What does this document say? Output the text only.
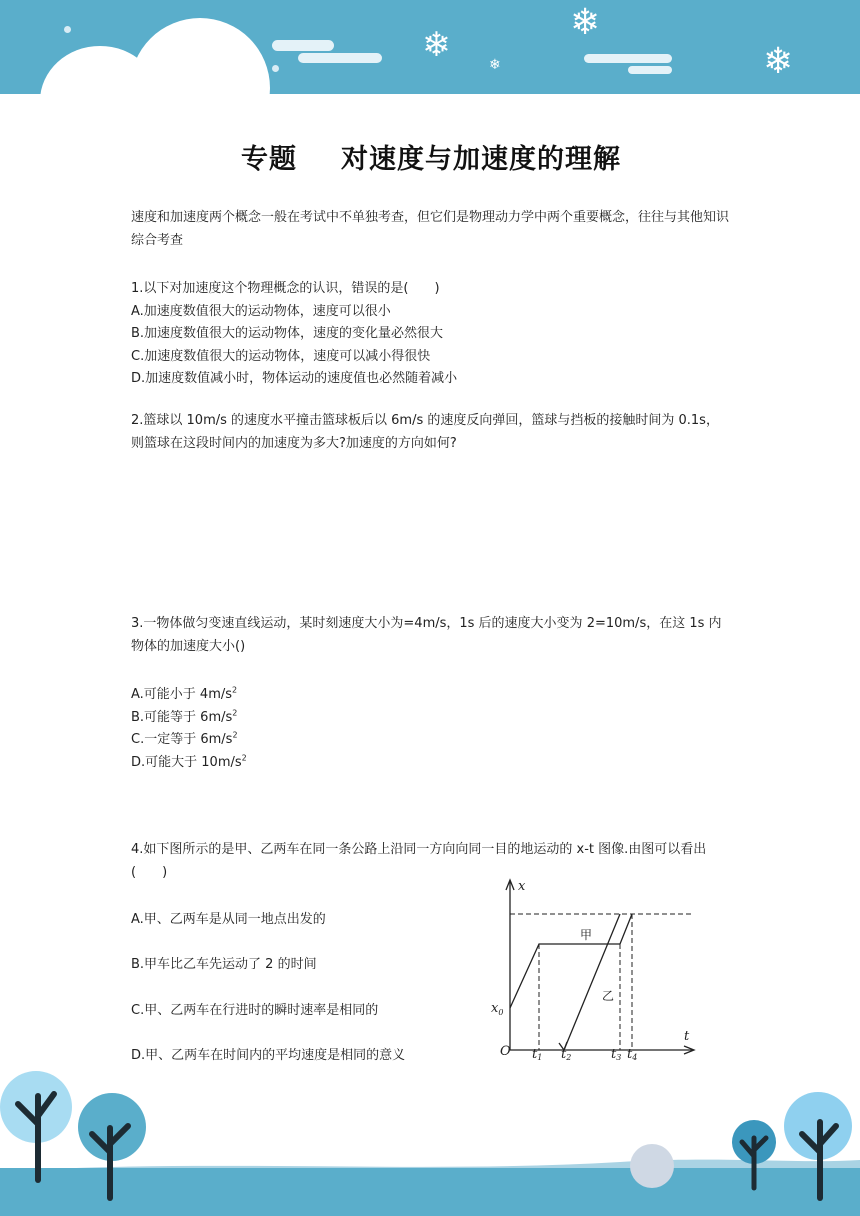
❄
❄	❄	❄
专题 对速度与加速度的理解
速度和加速度两个概念一般在考试中不单独考查，但它们是物理动力学中两个重要概念，往往与其他知识综合考查
1.以下对加速度这个物理概念的认识，错误的是(　　)
A.加速度数值很大的运动物体，速度可以很小
B.加速度数值很大的运动物体，速度的变化量必然很大
C.加速度数值很大的运动物体，速度可以减小得很快
D.加速度数值减小时，物体运动的速度值也必然随着减小
2.篮球以 10m/s 的速度水平撞击篮球板后以 6m/s 的速度反向弹回，篮球与挡板的接触时间为 0.1s，则篮球在这段时间内的加速度为多大?加速度的方向如何?
3.一物体做匀变速直线运动，某时刻速度大小为=4m/s，1s 后的速度大小变为 2=10m/s，在这 1s 内物体的加速度大小()
A.可能小于 $4m/s^2$
B.可能等于 $6m/s^2$
C.一定等于 $6m/s^2$
D.可能大于 $10m/s^2$
4.如下图所示的是甲、乙两车在同一条公路上沿同一方向向同一目的地运动的 x-t 图像.由图可以看出(　　)
A.甲、乙两车是从同一地点出发的
B.甲车比乙车先运动了 2 的时间
C.甲、乙两车在行进时的瞬时速率是相同的
D.甲、乙两车在时间内的平均速度是相同的意义
x
t
O
$x_0$
t1 t2	t3 t4
甲
乙
